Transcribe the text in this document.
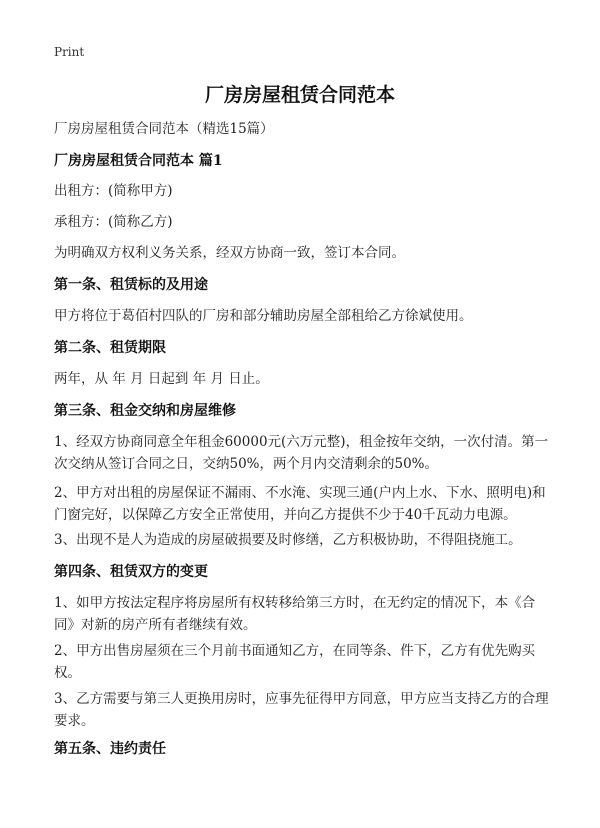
Print
厂房房屋租赁合同范本
厂房房屋租赁合同范本（精选15篇）
厂房房屋租赁合同范本 篇1
出租方：(简称甲方)
承租方：(简称乙方)
为明确双方权利义务关系，经双方协商一致，签订本合同。
第一条、租赁标的及用途
甲方将位于葛佰村四队的厂房和部分辅助房屋全部租给乙方徐斌使用。
第二条、租赁期限
两年，从 年 月 日起到 年 月 日止。
第三条、租金交纳和房屋维修
1、经双方协商同意全年租金60000元(六万元整)，租金按年交纳，一次付清。第一次交纳从签订合同之日，交纳50%，两个月内交清剩余的50%。
2、甲方对出租的房屋保证不漏雨、不水淹、实现三通(户内上水、下水、照明电)和门窗完好，以保障乙方安全正常使用，并向乙方提供不少于40千瓦动力电源。
3、出现不是人为造成的房屋破损要及时修缮，乙方积极协助，不得阻挠施工。
第四条、租赁双方的变更
1、如甲方按法定程序将房屋所有权转移给第三方时，在无约定的情况下，本《合同》对新的房产所有者继续有效。
2、甲方出售房屋须在三个月前书面通知乙方，在同等条、件下，乙方有优先购买权。
3、乙方需要与第三人更换用房时，应事先征得甲方同意，甲方应当支持乙方的合理要求。
第五条、违约责任
